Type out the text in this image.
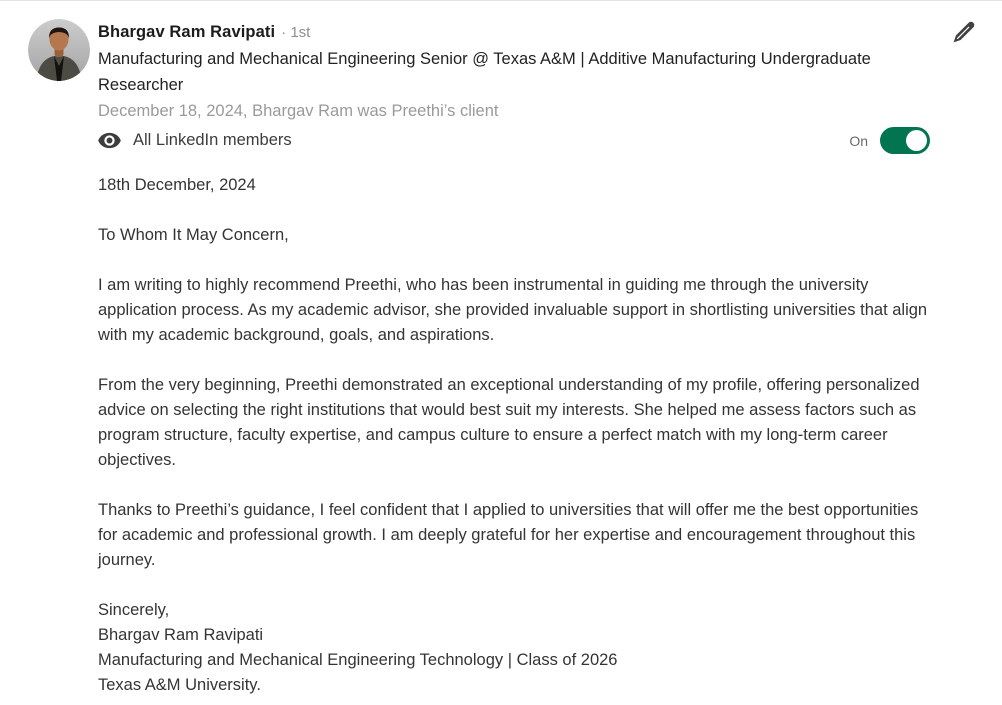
Bhargav Ram Ravipati · 1st
Manufacturing and Mechanical Engineering Senior @ Texas A&M | Additive Manufacturing Undergraduate Researcher
December 18, 2024, Bhargav Ram was Preethi’s client
All LinkedIn members	On

18th December, 2024

To Whom It May Concern,

I am writing to highly recommend Preethi, who has been instrumental in guiding me through the university application process. As my academic advisor, she provided invaluable support in shortlisting universities that align with my academic background, goals, and aspirations.

From the very beginning, Preethi demonstrated an exceptional understanding of my profile, offering personalized advice on selecting the right institutions that would best suit my interests. She helped me assess factors such as program structure, faculty expertise, and campus culture to ensure a perfect match with my long-term career objectives.

Thanks to Preethi’s guidance, I feel confident that I applied to universities that will offer me the best opportunities for academic and professional growth. I am deeply grateful for her expertise and encouragement throughout this journey.

Sincerely,
Bhargav Ram Ravipati
Manufacturing and Mechanical Engineering Technology | Class of 2026
Texas A&M University.
